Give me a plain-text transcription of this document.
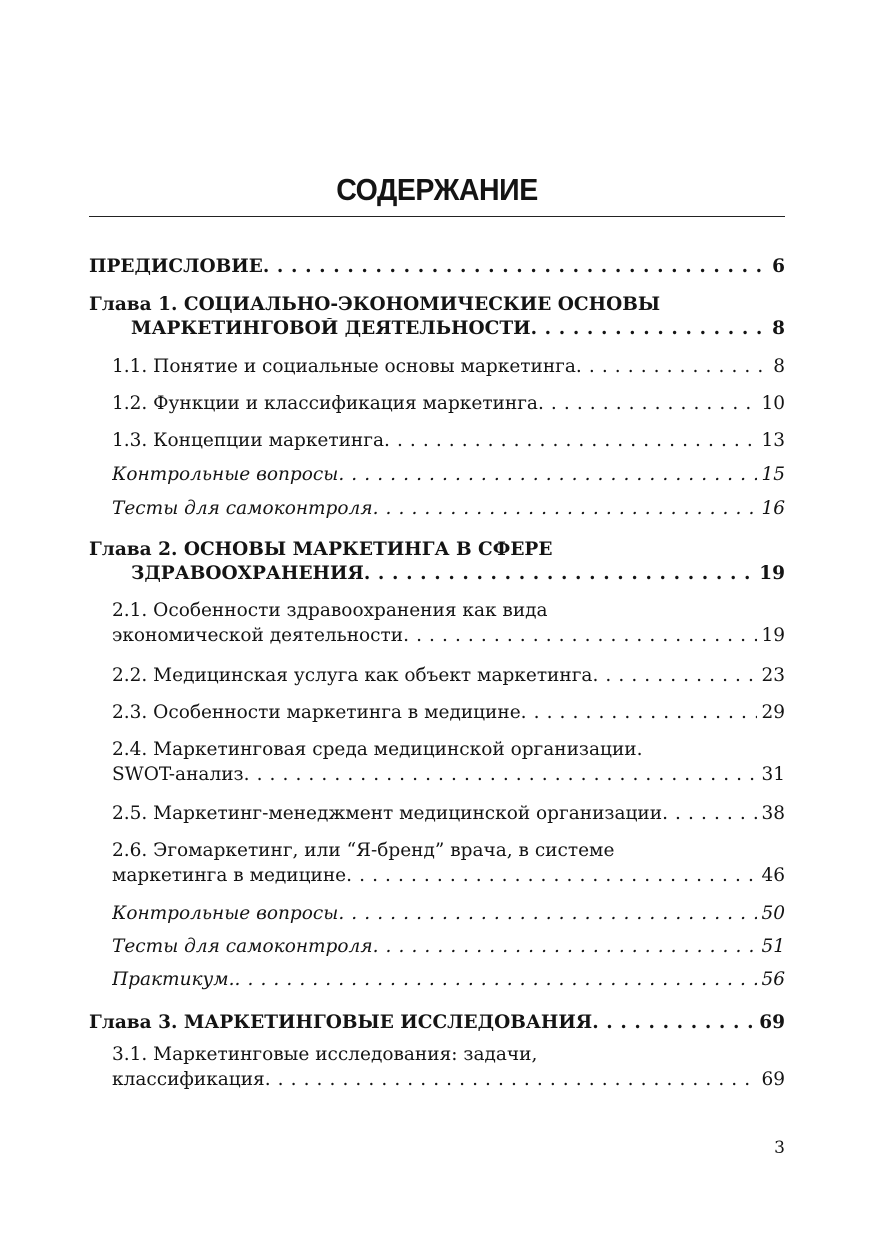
СОДЕРЖАНИЕ
ПРЕДИСЛОВИЕ . . .	6
Глава 1. СОЦИАЛЬНО-ЭКОНОМИЧЕСКИЕ ОСНОВЫ
МАРКЕТИНГОВОЙ ДЕЯТЕЛЬНОСТИ . . .	8
1.1. Понятие и социальные основы маркетинга . . .	8
1.2. Функции и классификация маркетинга . . .	10
1.3. Концепции маркетинга . . .	13
Контрольные вопросы . . .	15
Тесты для самоконтроля . . .	16
Глава 2. ОСНОВЫ МАРКЕТИНГА В СФЕРЕ
ЗДРАВООХРАНЕНИЯ . . .	19
2.1. Особенности здравоохранения как вида
экономической деятельности . . .	19
2.2. Медицинская услуга как объект маркетинга . . .	23
2.3. Особенности маркетинга в медицине . . .	29
2.4. Маркетинговая среда медицинской организации.
SWOT-анализ . . .	31
2.5. Маркетинг-менеджмент медицинской организации . . .	38
2.6. Эгомаркетинг, или “Я-бренд” врача, в системе
маркетинга в медицине . . .	46
Контрольные вопросы . . .	50
Тесты для самоконтроля . . .	51
Практикум. . . .	56
Глава 3. МАРКЕТИНГОВЫЕ ИССЛЕДОВАНИЯ . . .	69
3.1. Маркетинговые исследования: задачи,
классификация . . .	69
3
